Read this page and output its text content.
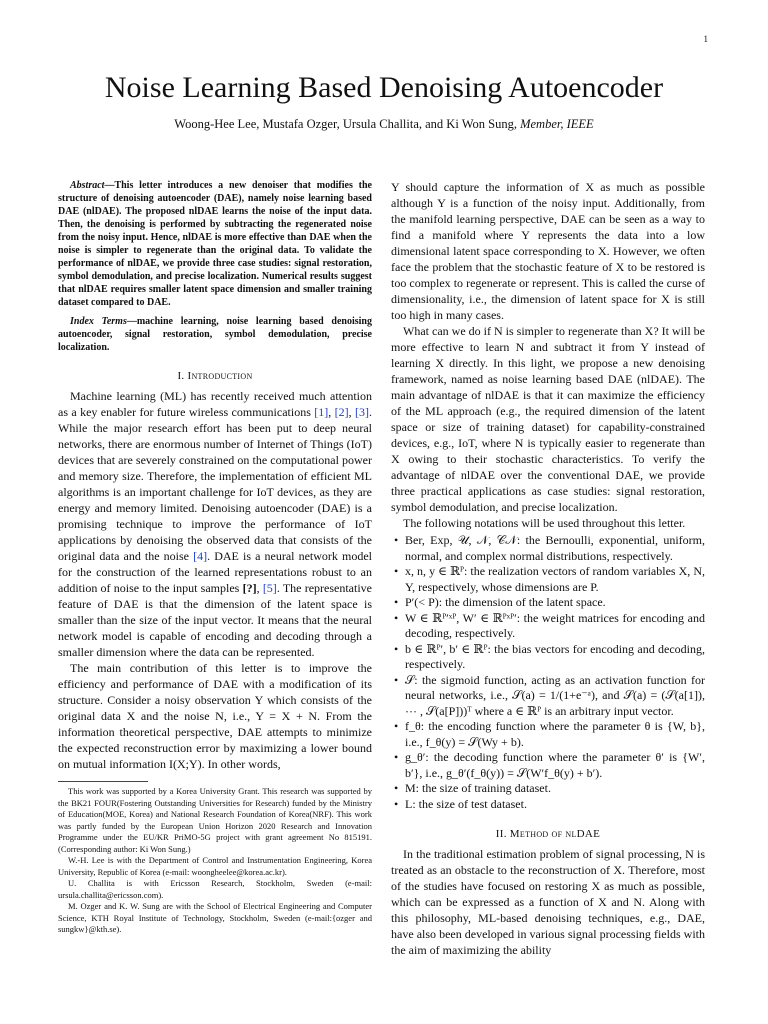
1
Noise Learning Based Denoising Autoencoder
Woong-Hee Lee, Mustafa Ozger, Ursula Challita, and Ki Won Sung, Member, IEEE

Abstract—This letter introduces a new denoiser that modifies the structure of denoising autoencoder (DAE), namely noise learning based DAE (nlDAE). The proposed nlDAE learns the noise of the input data. Then, the denoising is performed by subtracting the regenerated noise from the noisy input. Hence, nlDAE is more effective than DAE when the noise is simpler to regenerate than the original data. To validate the performance of nlDAE, we provide three case studies: signal restoration, symbol demodulation, and precise localization. Numerical results suggest that nlDAE requires smaller latent space dimension and smaller training dataset compared to DAE.

Index Terms—machine learning, noise learning based denoising autoencoder, signal restoration, symbol demodulation, precise localization.

I. Introduction

Machine learning (ML) has recently received much attention as a key enabler for future wireless communications [1], [2], [3]. While the major research effort has been put to deep neural networks, there are enormous number of Internet of Things (IoT) devices that are severely constrained on the computational power and memory size. Therefore, the implementation of efficient ML algorithms is an important challenge for IoT devices, as they are energy and memory limited. Denoising autoencoder (DAE) is a promising technique to improve the performance of IoT applications by denoising the observed data that consists of the original data and the noise [4]. DAE is a neural network model for the construction of the learned representations robust to an addition of noise to the input samples [?], [5]. The representative feature of DAE is that the dimension of the latent space is smaller than the size of the input vector. It means that the neural network model is capable of encoding and decoding through a smaller dimension where the data can be represented.

The main contribution of this letter is to improve the efficiency and performance of DAE with a modification of its structure. Consider a noisy observation Y which consists of the original data X and the noise N, i.e., Y = X + N. From the information theoretical perspective, DAE attempts to minimize the expected reconstruction error by maximizing a lower bound on mutual information I(X;Y). In other words,

This work was supported by a Korea University Grant. This research was supported by the BK21 FOUR(Fostering Outstanding Universities for Research) funded by the Ministry of Education(MOE, Korea) and National Research Foundation of Korea(NRF). This work was partly funded by the European Union Horizon 2020 Research and Innovation Programme under the EU/KR PriMO-5G project with grant agreement No 815191. (Corresponding author: Ki Won Sung.)

W.-H. Lee is with the Department of Control and Instrumentation Engineering, Korea University, Republic of Korea (e-mail: woongheelee@korea.ac.kr).

U. Challita is with Ericsson Research, Stockholm, Sweden (e-mail: ursula.challita@ericsson.com).

M. Ozger and K. W. Sung are with the School of Electrical Engineering and Computer Science, KTH Royal Institute of Technology, Stockholm, Sweden (e-mail:{ozger and sungkw}@kth.se).

Y should capture the information of X as much as possible although Y is a function of the noisy input. Additionally, from the manifold learning perspective, DAE can be seen as a way to find a manifold where Y represents the data into a low dimensional latent space corresponding to X. However, we often face the problem that the stochastic feature of X to be restored is too complex to regenerate or represent. This is called the curse of dimensionality, i.e., the dimension of latent space for X is still too high in many cases.

What can we do if N is simpler to regenerate than X? It will be more effective to learn N and subtract it from Y instead of learning X directly. In this light, we propose a new denoising framework, named as noise learning based DAE (nlDAE). The main advantage of nlDAE is that it can maximize the efficiency of the ML approach (e.g., the required dimension of the latent space or size of training dataset) for capability-constrained devices, e.g., IoT, where N is typically easier to regenerate than X owing to their stochastic characteristics. To verify the advantage of nlDAE over the conventional DAE, we provide three practical applications as case studies: signal restoration, symbol demodulation, and precise localization.

The following notations will be used throughout this letter.

• Ber, Exp, 𝒰, 𝒩, 𝒞𝒩: the Bernoulli, exponential, uniform, normal, and complex normal distributions, respectively.
• x, n, y ∈ ℝᴾ: the realization vectors of random variables X, N, Y, respectively, whose dimensions are P.
• P′(< P): the dimension of the latent space.
• W ∈ ℝᴾ′ˣᴾ, W′ ∈ ℝᴾˣᴾ′: the weight matrices for encoding and decoding, respectively.
• b ∈ ℝᴾ′, b′ ∈ ℝᴾ: the bias vectors for encoding and decoding, respectively.
• 𝒮: the sigmoid function, acting as an activation function for neural networks, i.e., 𝒮(a) = 1/(1+e⁻ᵃ), and 𝒮(a) = (𝒮(a[1]), ⋯ , 𝒮(a[P]))ᵀ where a ∈ ℝᴾ is an arbitrary input vector.
• f_θ: the encoding function where the parameter θ is {W, b}, i.e., f_θ(y) = 𝒮(Wy + b).
• g_θ′: the decoding function where the parameter θ′ is {W′, b′}, i.e., g_θ′(f_θ(y)) = 𝒮(W′f_θ(y) + b′).
• M: the size of training dataset.
• L: the size of test dataset.
II. Method of nlDAE

In the traditional estimation problem of signal processing, N is treated as an obstacle to the reconstruction of X. Therefore, most of the studies have focused on restoring X as much as possible, which can be expressed as a function of X and N. Along with this philosophy, ML-based denoising techniques, e.g., DAE, have also been developed in various signal processing fields with the aim of maximizing the ability
